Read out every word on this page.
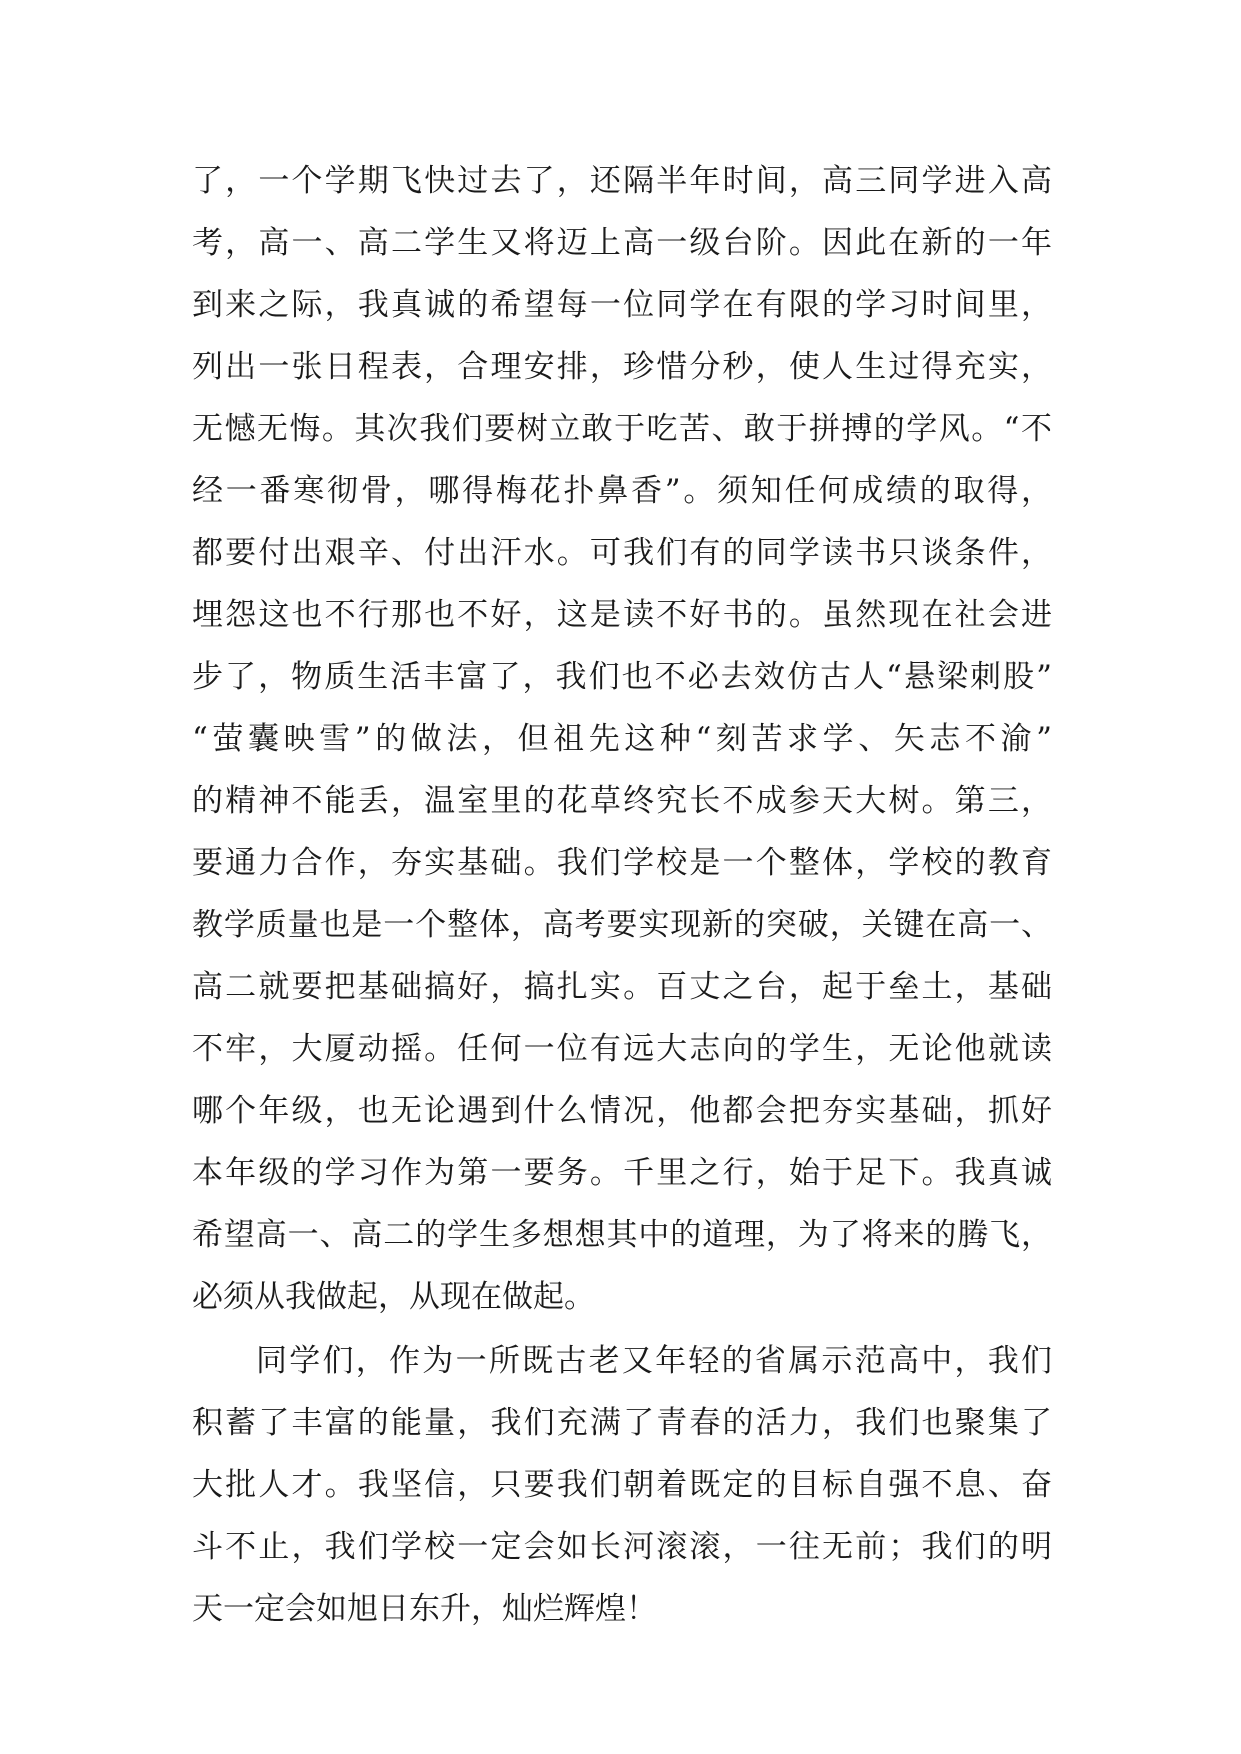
了，一个学期飞快过去了，还隔半年时间，高三同学进入高
考，高一、高二学生又将迈上高一级台阶。因此在新的一年
到来之际，我真诚的希望每一位同学在有限的学习时间里，
列出一张日程表，合理安排，珍惜分秒，使人生过得充实，
无憾无悔。其次我们要树立敢于吃苦、敢于拼搏的学风。“不
经一番寒彻骨，哪得梅花扑鼻香”。须知任何成绩的取得，
都要付出艰辛、付出汗水。可我们有的同学读书只谈条件，
埋怨这也不行那也不好，这是读不好书的。虽然现在社会进
步了，物质生活丰富了，我们也不必去效仿古人“悬梁刺股”
“萤囊映雪”的做法，但祖先这种“刻苦求学、矢志不渝”
的精神不能丢，温室里的花草终究长不成参天大树。第三，
要通力合作，夯实基础。我们学校是一个整体，学校的教育
教学质量也是一个整体，高考要实现新的突破，关键在高一、
高二就要把基础搞好，搞扎实。百丈之台，起于垒土，基础
不牢，大厦动摇。任何一位有远大志向的学生，无论他就读
哪个年级，也无论遇到什么情况，他都会把夯实基础，抓好
本年级的学习作为第一要务。千里之行，始于足下。我真诚
希望高一、高二的学生多想想其中的道理，为了将来的腾飞，
必须从我做起，从现在做起。
同学们，作为一所既古老又年轻的省属示范高中，我们
积蓄了丰富的能量，我们充满了青春的活力，我们也聚集了
大批人才。我坚信，只要我们朝着既定的目标自强不息、奋
斗不止，我们学校一定会如长河滚滚，一往无前；我们的明
天一定会如旭日东升，灿烂辉煌！
